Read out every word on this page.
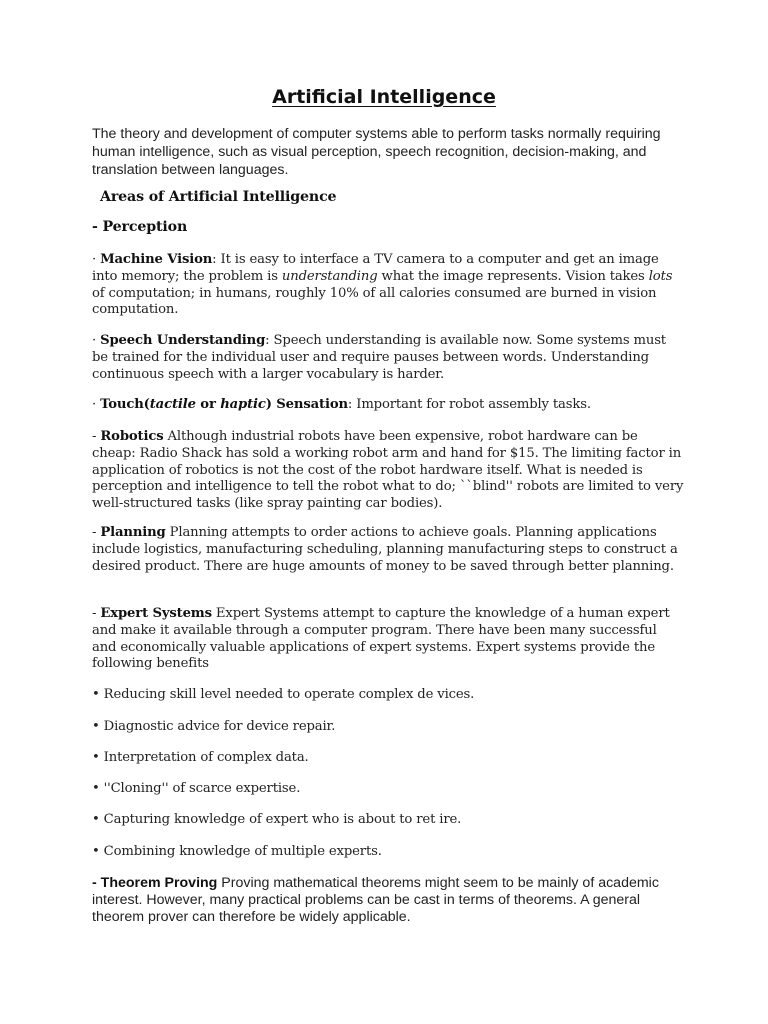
Artificial Intelligence
The theory and development of computer systems able to perform tasks normally requiring human intelligence, such as visual perception, speech recognition, decision-making, and translation between languages.
Areas of Artificial Intelligence
- Perception
· Machine Vision: It is easy to interface a TV camera to a computer and get an image into memory; the problem is understanding what the image represents. Vision takes lots of computation; in humans, roughly 10% of all calories consumed are burned in vision computation.
· Speech Understanding: Speech understanding is available now. Some systems must be trained for the individual user and require pauses between words. Understanding continuous speech with a larger vocabulary is harder.
· Touch(tactile or haptic) Sensation: Important for robot assembly tasks.
- Robotics Although industrial robots have been expensive, robot hardware can be cheap: Radio Shack has sold a working robot arm and hand for $15. The limiting factor in application of robotics is not the cost of the robot hardware itself. What is needed is perception and intelligence to tell the robot what to do; ``blind'' robots are limited to very well-structured tasks (like spray painting car bodies).
- Planning Planning attempts to order actions to achieve goals. Planning applications include logistics, manufacturing scheduling, planning manufacturing steps to construct a desired product. There are huge amounts of money to be saved through better planning.
- Expert Systems Expert Systems attempt to capture the knowledge of a human expert and make it available through a computer program. There have been many successful and economically valuable applications of expert systems. Expert systems provide the following benefits
• Reducing skill level needed to operate complex de vices.
• Diagnostic advice for device repair.
• Interpretation of complex data.
• ''Cloning'' of scarce expertise.
• Capturing knowledge of expert who is about to ret ire.
• Combining knowledge of multiple experts.
- Theorem Proving Proving mathematical theorems might seem to be mainly of academic interest. However, many practical problems can be cast in terms of theorems. A general theorem prover can therefore be widely applicable.
